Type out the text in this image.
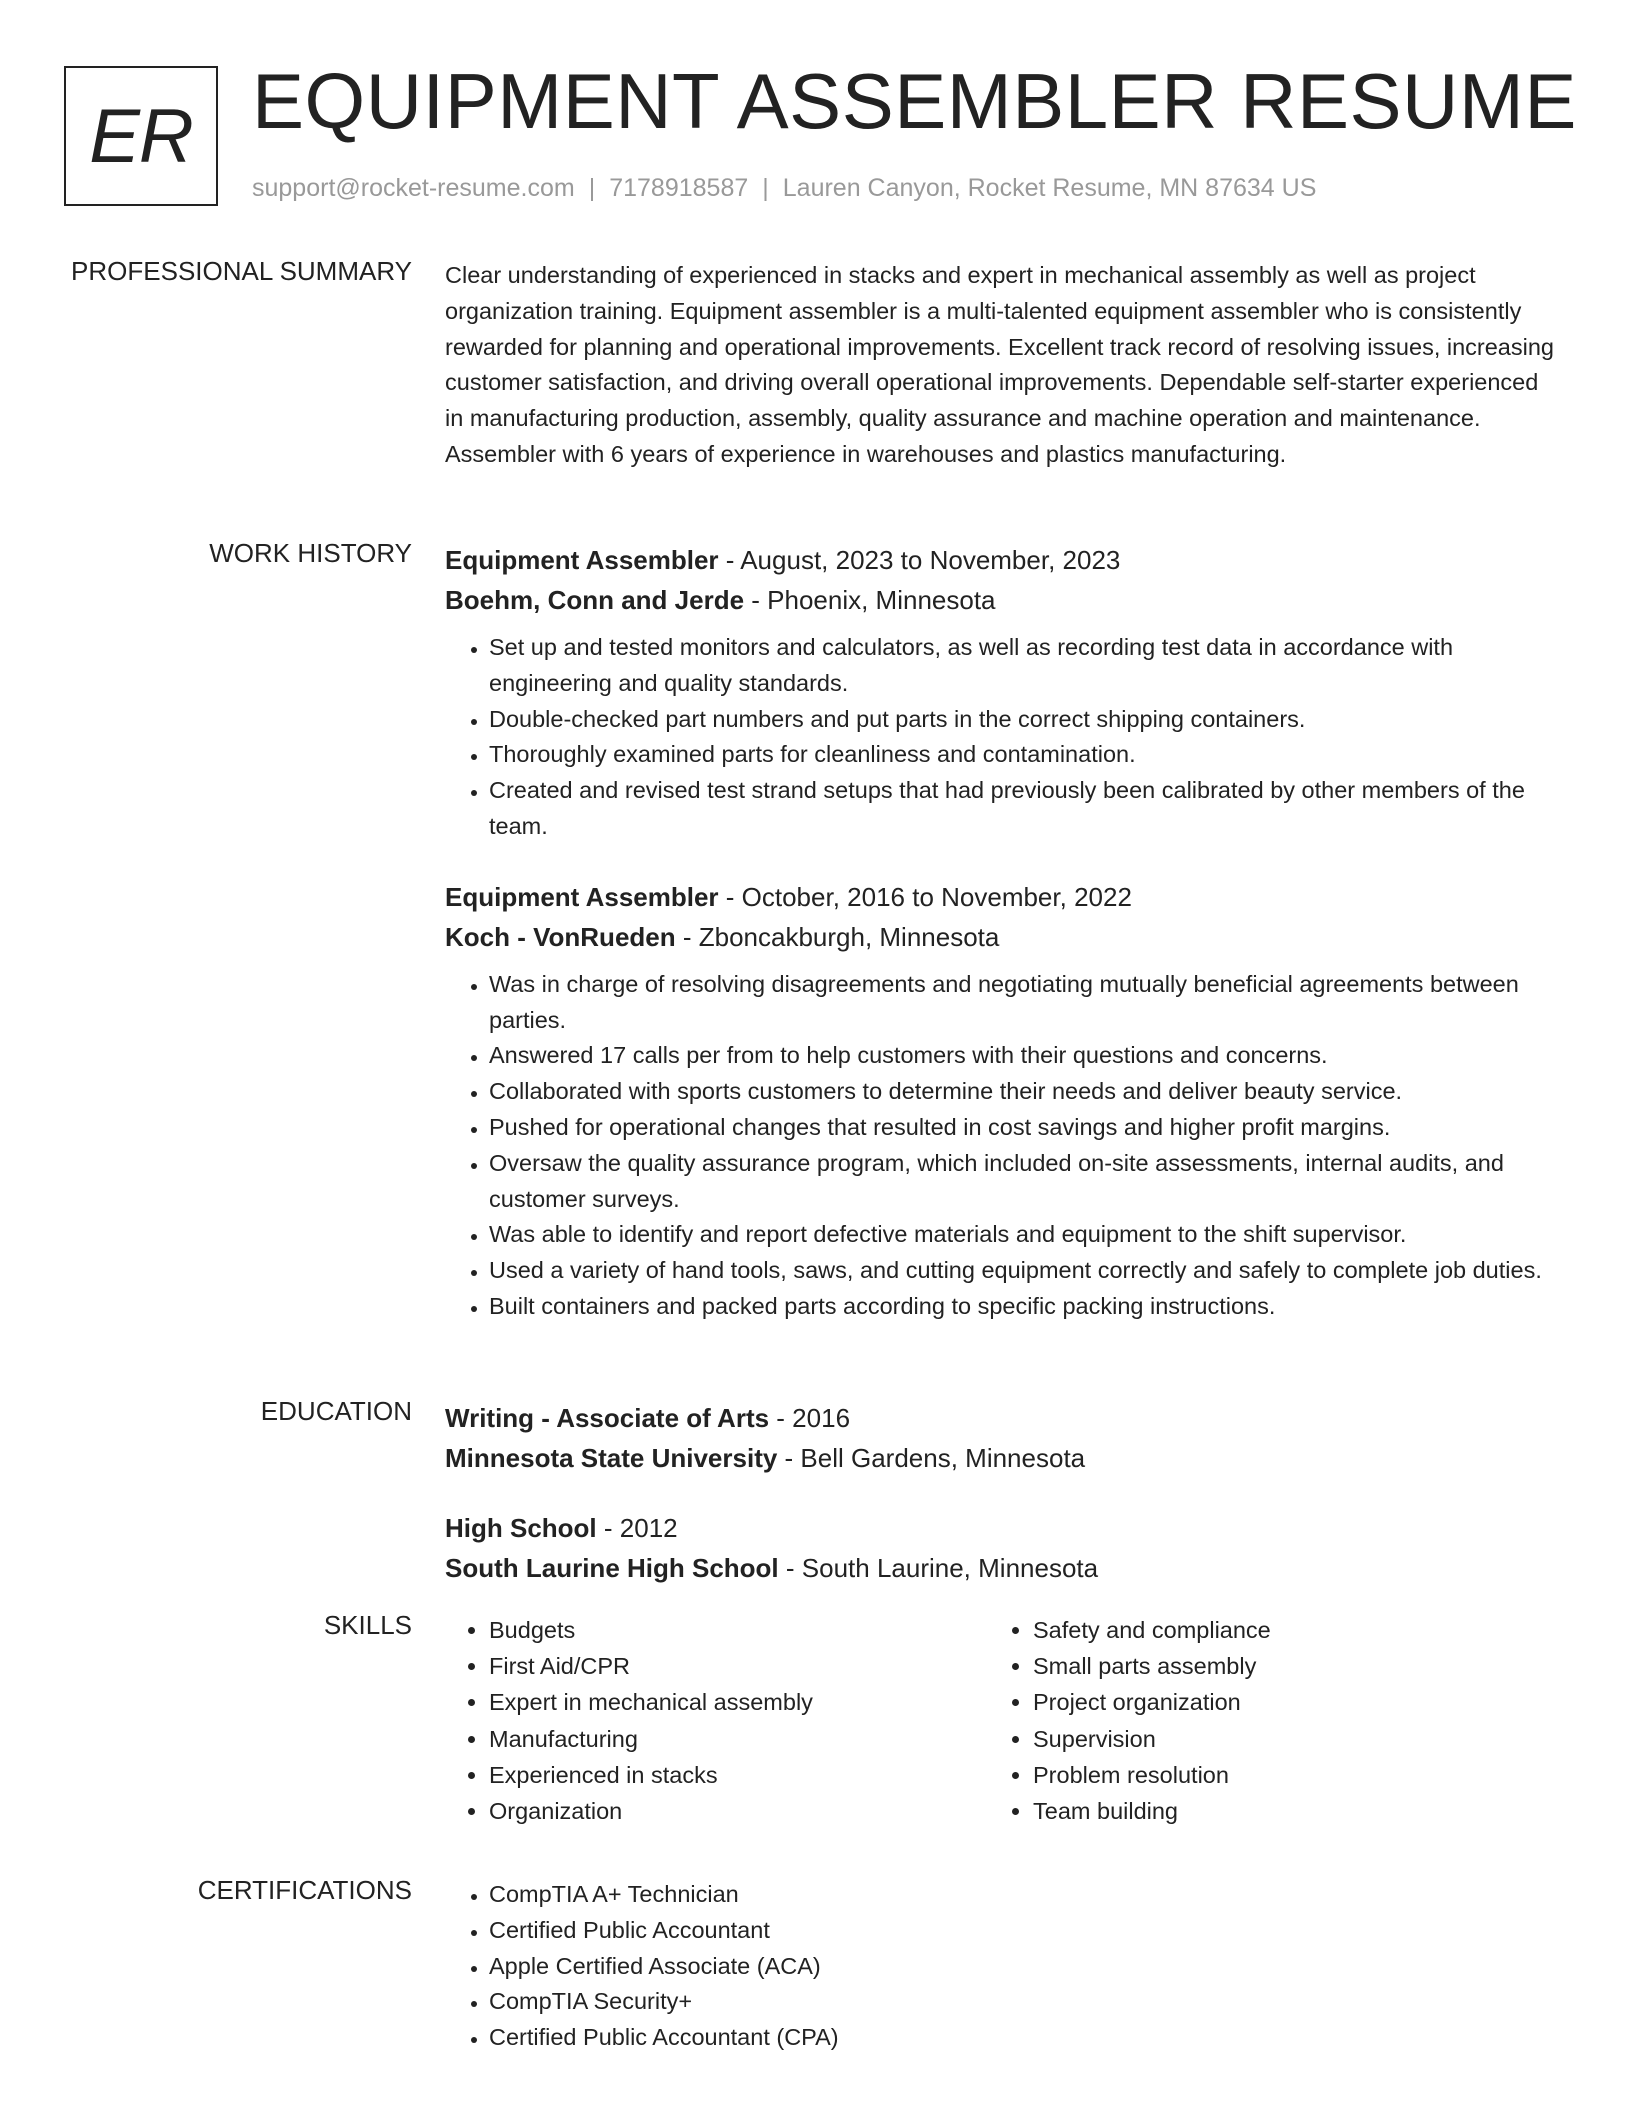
ER EQUIPMENT ASSEMBLER RESUME
support@rocket-resume.com | 7178918587 | Lauren Canyon, Rocket Resume, MN 87634 US
PROFESSIONAL SUMMARY Clear understanding of experienced in stacks and expert in mechanical assembly as well as project organization training. Equipment assembler is a multi-talented equipment assembler who is consistently rewarded for planning and operational improvements. Excellent track record of resolving issues, increasing customer satisfaction, and driving overall operational improvements. Dependable self-starter experienced in manufacturing production, assembly, quality assurance and machine operation and maintenance. Assembler with 6 years of experience in warehouses and plastics manufacturing.
WORK HISTORY Equipment Assembler - August, 2023 to November, 2023
Boehm, Conn and Jerde - Phoenix, Minnesota
• Set up and tested monitors and calculators, as well as recording test data in accordance with engineering and quality standards.
• Double-checked part numbers and put parts in the correct shipping containers.
• Thoroughly examined parts for cleanliness and contamination.
• Created and revised test strand setups that had previously been calibrated by other members of the team.
Equipment Assembler - October, 2016 to November, 2022
Koch - VonRueden - Zboncakburgh, Minnesota
• Was in charge of resolving disagreements and negotiating mutually beneficial agreements between parties.
• Answered 17 calls per from to help customers with their questions and concerns.
• Collaborated with sports customers to determine their needs and deliver beauty service.
• Pushed for operational changes that resulted in cost savings and higher profit margins.
• Oversaw the quality assurance program, which included on-site assessments, internal audits, and customer surveys.
• Was able to identify and report defective materials and equipment to the shift supervisor.
• Used a variety of hand tools, saws, and cutting equipment correctly and safely to complete job duties.
• Built containers and packed parts according to specific packing instructions.
EDUCATION Writing - Associate of Arts - 2016
Minnesota State University - Bell Gardens, Minnesota
High School - 2012
South Laurine High School - South Laurine, Minnesota
SKILLS	• Budgets
• First Aid/CPR
• Expert in mechanical assembly
• Manufacturing
• Experienced in stacks
• Organization
• Safety and compliance
• Small parts assembly
• Project organization
• Supervision
• Problem resolution
• Team building
CERTIFICATIONS	• CompTIA A+ Technician
• Certified Public Accountant
• Apple Certified Associate (ACA)
• CompTIA Security+
• Certified Public Accountant (CPA)
